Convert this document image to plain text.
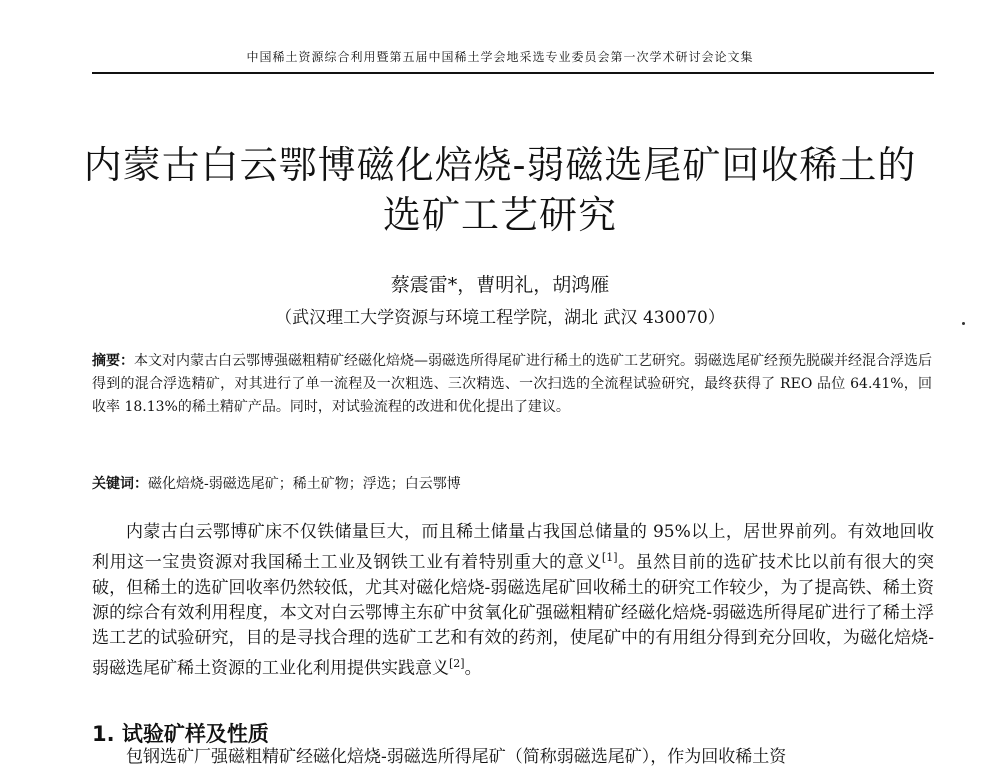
中国稀土资源综合利用暨第五届中国稀土学会地采选专业委员会第一次学术研讨会论文集
内蒙古白云鄂博磁化焙烧-弱磁选尾矿回收稀土的
选矿工艺研究
蔡震雷*，曹明礼，胡鸿雁
（武汉理工大学资源与环境工程学院，湖北 武汉 430070）
摘要：本文对内蒙古白云鄂博强磁粗精矿经磁化焙烧—弱磁选所得尾矿进行稀土的选矿工艺研究。弱磁选尾矿经预先脱碳并经混合浮选后得到的混合浮选精矿，对其进行了单一流程及一次粗选、三次精选、一次扫选的全流程试验研究，最终获得了 REO 品位 64.41%，回收率 18.13%的稀土精矿产品。同时，对试验流程的改进和优化提出了建议。
关键词：磁化焙烧-弱磁选尾矿；稀土矿物；浮选；白云鄂博
内蒙古白云鄂博矿床不仅铁储量巨大，而且稀土储量占我国总储量的 95%以上，居世界前列。有效地回收利用这一宝贵资源对我国稀土工业及钢铁工业有着特别重大的意义[1]。虽然目前的选矿技术比以前有很大的突破，但稀土的选矿回收率仍然较低，尤其对磁化焙烧-弱磁选尾矿回收稀土的研究工作较少，为了提高铁、稀土资源的综合有效利用程度，本文对白云鄂博主东矿中贫氧化矿强磁粗精矿经磁化焙烧-弱磁选所得尾矿进行了稀土浮选工艺的试验研究，目的是寻找合理的选矿工艺和有效的药剂，使尾矿中的有用组分得到充分回收，为磁化焙烧-弱磁选尾矿稀土资源的工业化利用提供实践意义[2]。
1. 试验矿样及性质
包钢选矿厂强磁粗精矿经磁化焙烧-弱磁选所得尾矿（简称弱磁选尾矿），作为回收稀土资
